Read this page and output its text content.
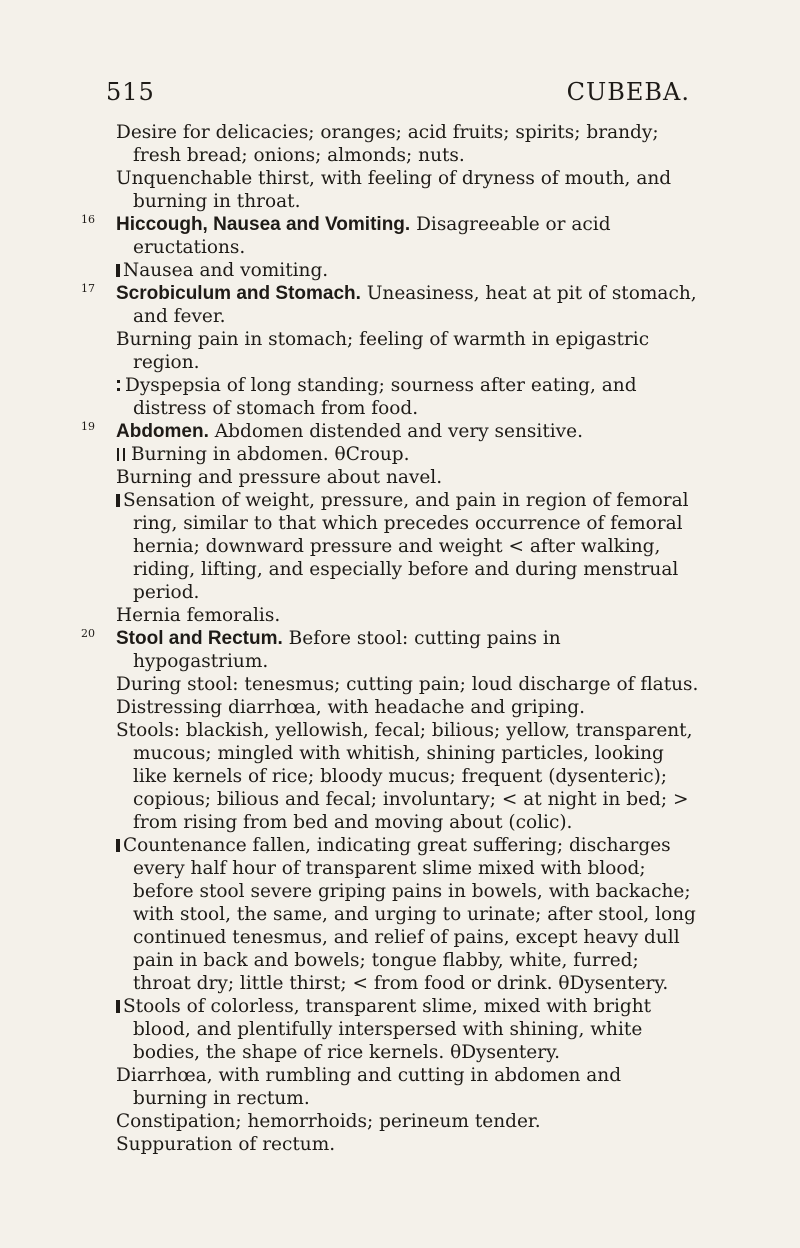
515	CUBEBA.

Desire for delicacies; oranges; acid fruits; spirits; brandy; fresh bread; onions; almonds; nuts.

Unquenchable thirst, with feeling of dryness of mouth, and burning in throat.

16 Hiccough, Nausea and Vomiting. Disagreeable or acid eructations.

Nausea and vomiting.

17 Scrobiculum and Stomach. Uneasiness, heat at pit of stomach, and fever.

Burning pain in stomach; feeling of warmth in epigastric region.

Dyspepsia of long standing; sourness after eating, and distress of stomach from food.

19 Abdomen. Abdomen distended and very sensitive.

Burning in abdomen. θCroup.

Burning and pressure about navel.

Sensation of weight, pressure, and pain in region of femoral ring, similar to that which precedes occurrence of femoral hernia; downward pressure and weight < after walking, riding, lifting, and especially before and during menstrual period.

Hernia femoralis.

20 Stool and Rectum. Before stool: cutting pains in hypogastrium.

During stool: tenesmus; cutting pain; loud discharge of flatus.

Distressing diarrhœa, with headache and griping.

Stools: blackish, yellowish, fecal; bilious; yellow, transparent, mucous; mingled with whitish, shining particles, looking like kernels of rice; bloody mucus; frequent (dysenteric); copious; bilious and fecal; involuntary; < at night in bed; > from rising from bed and moving about (colic).

Countenance fallen, indicating great suffering; discharges every half hour of transparent slime mixed with blood; before stool severe griping pains in bowels, with backache; with stool, the same, and urging to urinate; after stool, long continued tenesmus, and relief of pains, except heavy dull pain in back and bowels; tongue flabby, white, furred; throat dry; little thirst; < from food or drink. θDysentery.

Stools of colorless, transparent slime, mixed with bright blood, and plentifully interspersed with shining, white bodies, the shape of rice kernels. θDysentery.

Diarrhœa, with rumbling and cutting in abdomen and burning in rectum.

Constipation; hemorrhoids; perineum tender.

Suppuration of rectum.
